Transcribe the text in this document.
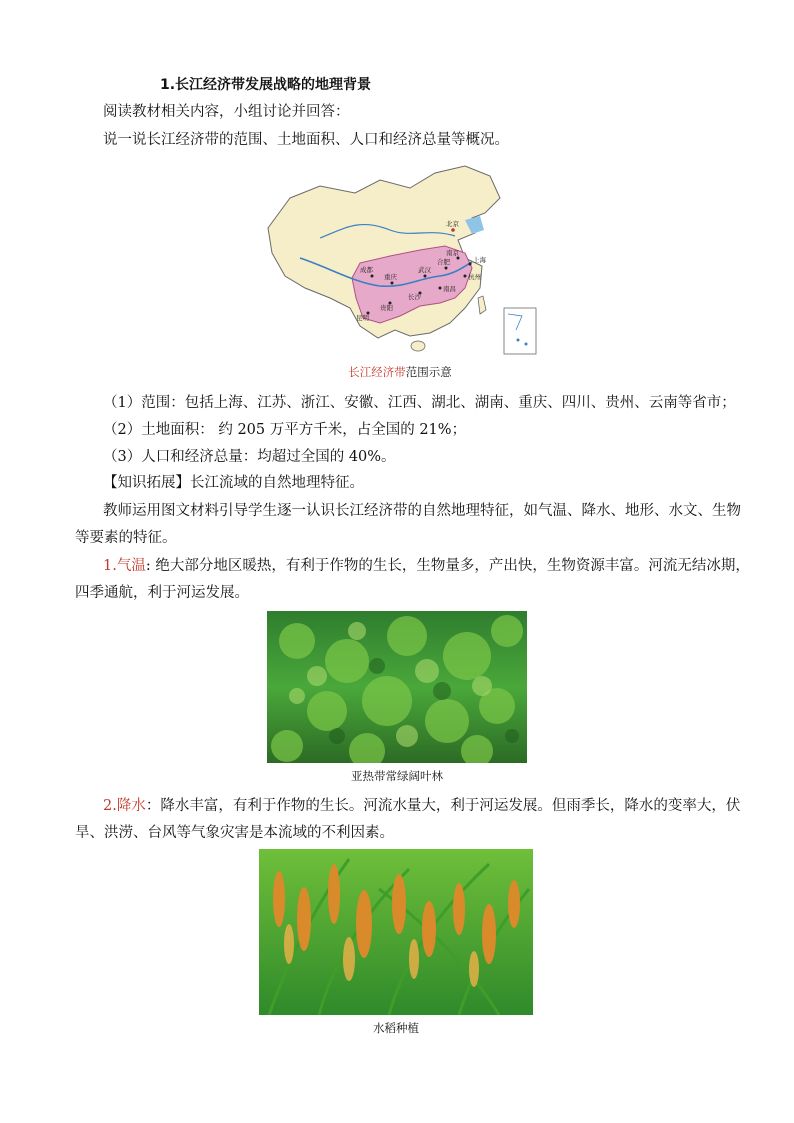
1.长江经济带发展战略的地理背景
阅读教材相关内容，小组讨论并回答：
说一说长江经济带的范围、土地面积、人口和经济总量等概况。
北京
上海
南京
合肥
杭州
武汉
南昌
长沙
重庆
成都
贵阳
昆明
长江经济带范围示意
（1）范围：包括上海、江苏、浙江、安徽、江西、湖北、湖南、重庆、四川、贵州、云南等省市；
（2）土地面积： 约 205 万平方千米，占全国的 21%；
（3）人口和经济总量：均超过全国的 40%。
【知识拓展】长江流域的自然地理特征。
教师运用图文材料引导学生逐一认识长江经济带的自然地理特征，如气温、降水、地形、水文、生物
等要素的特征。
1.气温: 绝大部分地区暖热，有利于作物的生长，生物量多，产出快，生物资源丰富。河流无结冰期，
四季通航，利于河运发展。
亚热带常绿阔叶林
2.降水：降水丰富，有利于作物的生长。河流水量大，利于河运发展。但雨季长，降水的变率大，伏
旱、洪涝、台风等气象灾害是本流域的不利因素。
水稻种植
